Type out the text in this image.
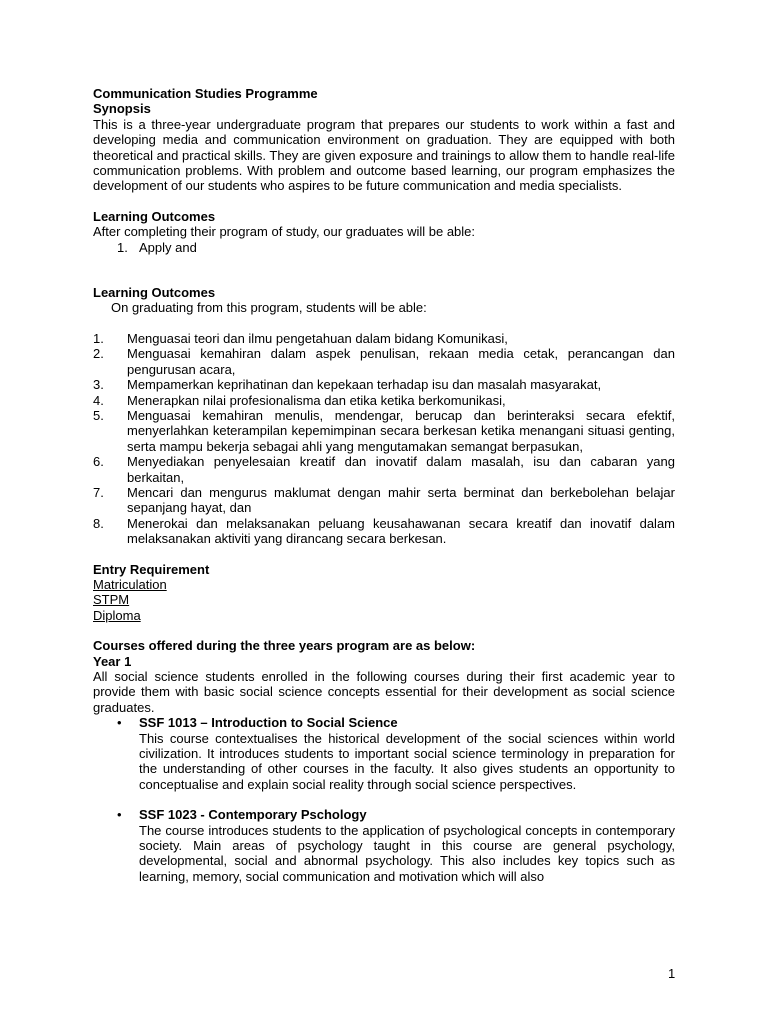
Communication Studies Programme
Synopsis

This is a three-year undergraduate program that prepares our students to work within a fast and developing media and communication environment on graduation. They are equipped with both theoretical and practical skills. They are given exposure and trainings to allow them to handle real-life communication problems. With problem and outcome based learning, our program emphasizes the development of our students who aspires to be future communication and media specialists.

Learning Outcomes

After completing their program of study, our graduates will be able:

1. Apply and
Learning Outcomes

On graduating from this program, students will be able:

1. Menguasai teori dan ilmu pengetahuan dalam bidang Komunikasi,
2. Menguasai kemahiran dalam aspek penulisan, rekaan media cetak, perancangan dan pengurusan acara,
3. Mempamerkan keprihatinan dan kepekaan terhadap isu dan masalah masyarakat,
4. Menerapkan nilai profesionalisma dan etika ketika berkomunikasi,
5. Menguasai kemahiran menulis, mendengar, berucap dan berinteraksi secara efektif, menyerlahkan keterampilan kepemimpinan secara berkesan ketika menangani situasi genting, serta mampu bekerja sebagai ahli yang mengutamakan semangat berpasukan,
6. Menyediakan penyelesaian kreatif dan inovatif dalam masalah, isu dan cabaran yang berkaitan,
7. Mencari dan mengurus maklumat dengan mahir serta berminat dan berkebolehan belajar sepanjang hayat, dan
8. Menerokai dan melaksanakan peluang keusahawanan secara kreatif dan inovatif dalam melaksanakan aktiviti yang dirancang secara berkesan.
Entry Requirement
Matriculation
STPM
Diploma
Courses offered during the three years program are as below:
Year 1

All social science students enrolled in the following courses during their first academic year to provide them with basic social science concepts essential for their development as social science graduates.

• SSF 1013 – Introduction to Social Science
This course contextualises the historical development of the social sciences within world civilization. It introduces students to important social science terminology in preparation for the understanding of other courses in the faculty. It also gives students an opportunity to conceptualise and explain social reality through social science perspectives.
• SSF 1023 - Contemporary Pschology
The course introduces students to the application of psychological concepts in contemporary society. Main areas of psychology taught in this course are general psychology, developmental, social and abnormal psychology. This also includes key topics such as learning, memory, social communication and motivation which will also
1
